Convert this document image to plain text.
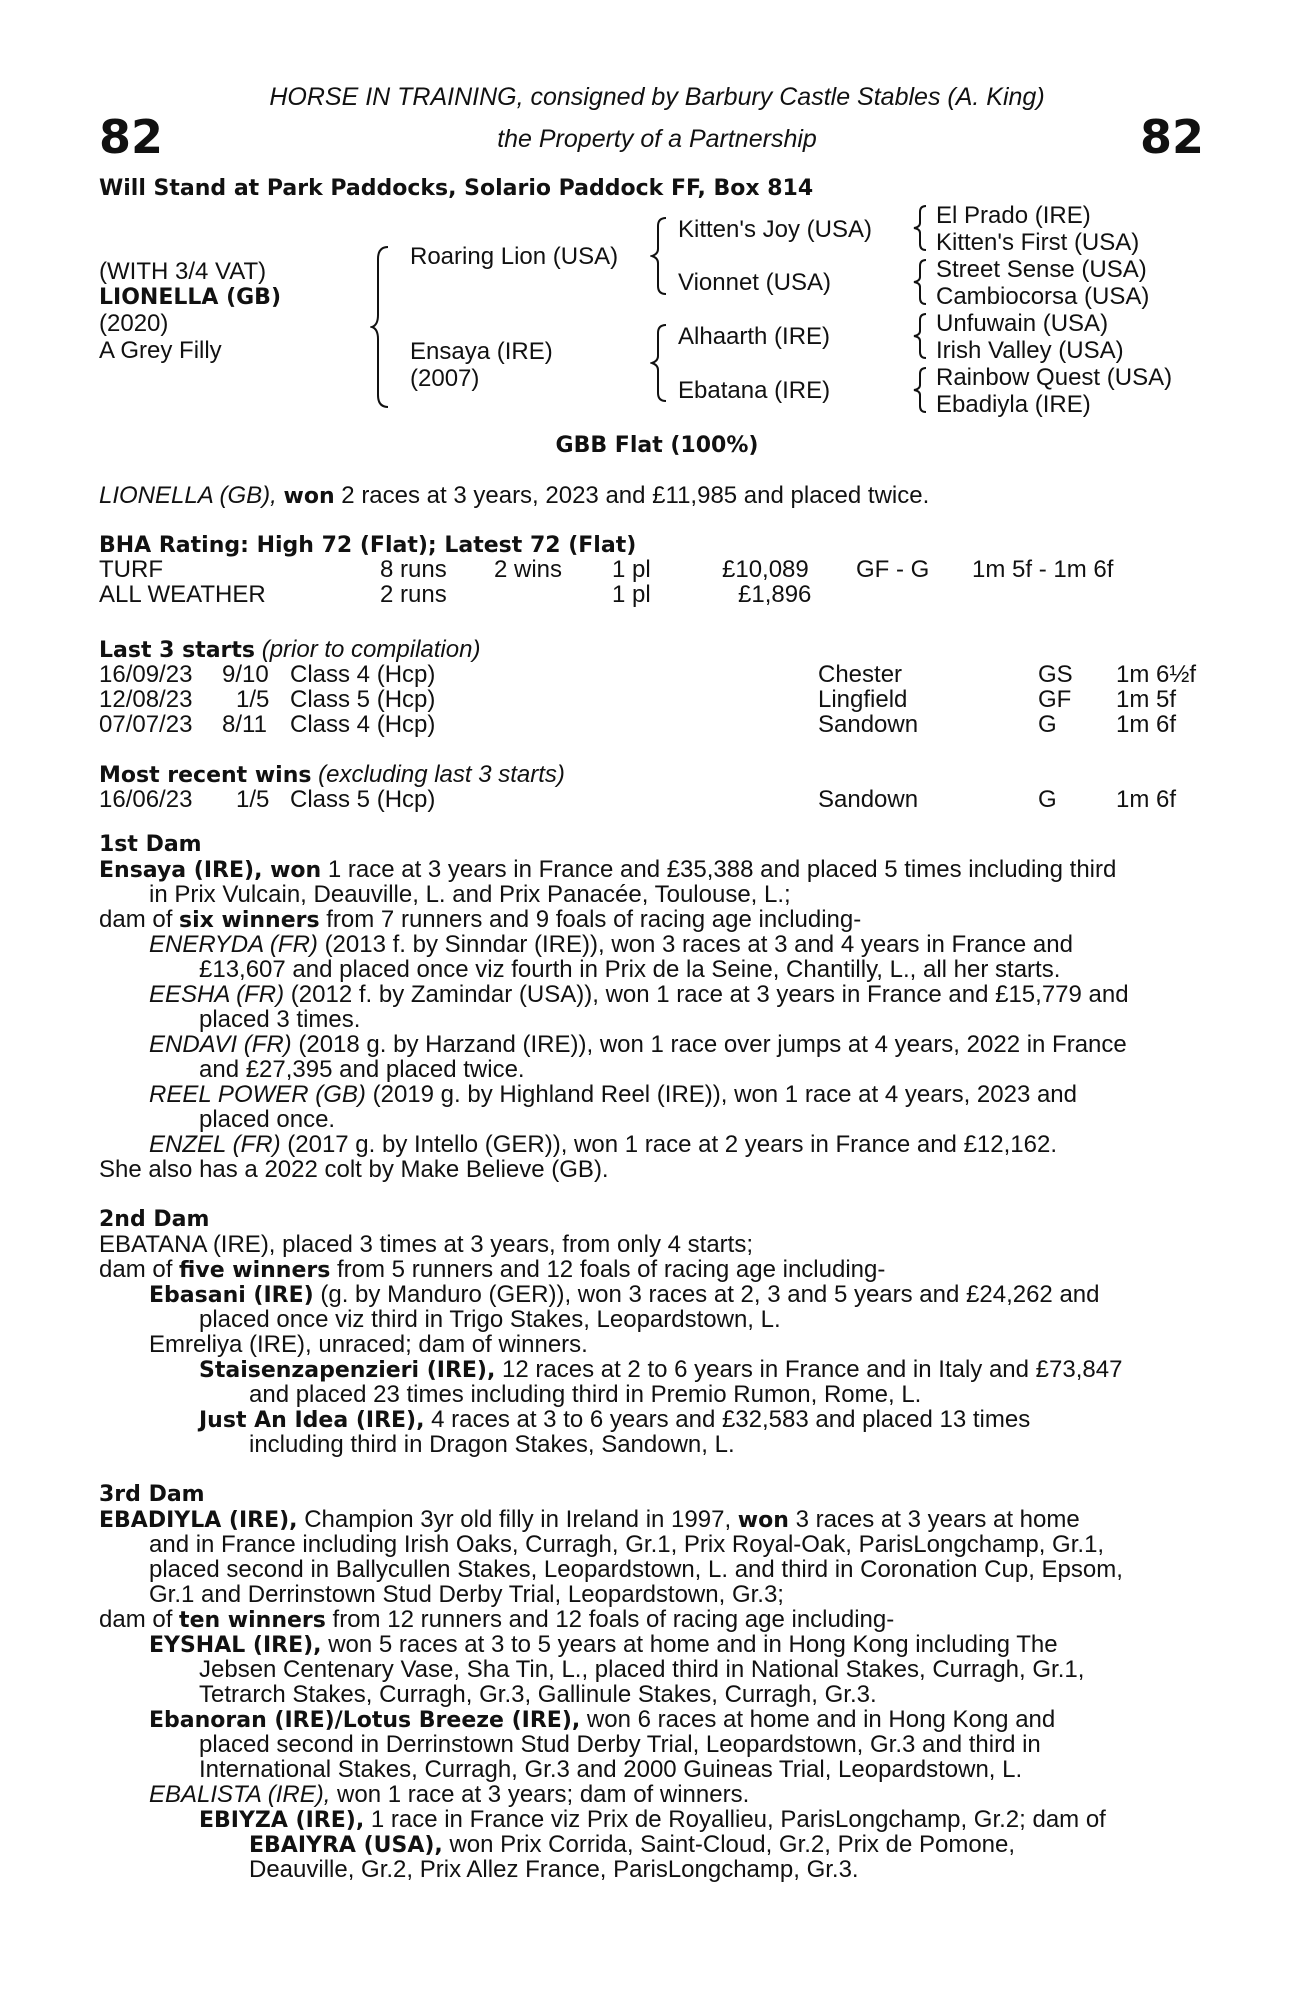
82	82
HORSE IN TRAINING, consigned by Barbury Castle Stables (A. King)
the Property of a Partnership
Will Stand at Park Paddocks, Solario Paddock FF, Box 814
(WITH 3/4 VAT)
LIONELLA (GB)
(2020)
A Grey Filly
Roaring Lion (USA)
Ensaya (IRE)
(2007)
Kitten's Joy (USA)
Vionnet (USA)
Alhaarth (IRE)
Ebatana (IRE)
El Prado (IRE)
Kitten's First (USA)
Street Sense (USA)
Cambiocorsa (USA)
Unfuwain (USA)
Irish Valley (USA)
Rainbow Quest (USA)
Ebadiyla (IRE)
GBB Flat (100%)
LIONELLA (GB), won 2 races at 3 years, 2023 and £11,985 and placed twice.
BHA Rating: High 72 (Flat); Latest 72 (Flat)
TURF	8 runs 2 wins 1 pl	£10,089 GF - G 1m 5f - 1m 6f
ALL WEATHER	2 runs	1 pl	£1,896
Last 3 starts (prior to compilation)
16/09/23 9/10 Class 4 (Hcp)	Chester	GS 1m 6½f
12/08/23 1/5 Class 5 (Hcp)	Lingfield	GF 1m 5f
07/07/23 8/11 Class 4 (Hcp)	Sandown	G 1m 6f
Most recent wins (excluding last 3 starts)
16/06/23 1/5 Class 5 (Hcp)	Sandown	G 1m 6f
1st Dam
Ensaya (IRE), won 1 race at 3 years in France and £35,388 and placed 5 times including third
in Prix Vulcain, Deauville, L. and Prix Panacée, Toulouse, L.;
dam of six winners from 7 runners and 9 foals of racing age including-
ENERYDA (FR) (2013 f. by Sinndar (IRE)), won 3 races at 3 and 4 years in France and
£13,607 and placed once viz fourth in Prix de la Seine, Chantilly, L., all her starts.
EESHA (FR) (2012 f. by Zamindar (USA)), won 1 race at 3 years in France and £15,779 and
placed 3 times.
ENDAVI (FR) (2018 g. by Harzand (IRE)), won 1 race over jumps at 4 years, 2022 in France
and £27,395 and placed twice.
REEL POWER (GB) (2019 g. by Highland Reel (IRE)), won 1 race at 4 years, 2023 and
placed once.
ENZEL (FR) (2017 g. by Intello (GER)), won 1 race at 2 years in France and £12,162.
She also has a 2022 colt by Make Believe (GB).
2nd Dam
EBATANA (IRE), placed 3 times at 3 years, from only 4 starts;
dam of five winners from 5 runners and 12 foals of racing age including-
Ebasani (IRE) (g. by Manduro (GER)), won 3 races at 2, 3 and 5 years and £24,262 and
placed once viz third in Trigo Stakes, Leopardstown, L.
Emreliya (IRE), unraced; dam of winners.
Staisenzapenzieri (IRE), 12 races at 2 to 6 years in France and in Italy and £73,847
and placed 23 times including third in Premio Rumon, Rome, L.
Just An Idea (IRE), 4 races at 3 to 6 years and £32,583 and placed 13 times
including third in Dragon Stakes, Sandown, L.
3rd Dam
EBADIYLA (IRE), Champion 3yr old filly in Ireland in 1997, won 3 races at 3 years at home
and in France including Irish Oaks, Curragh, Gr.1, Prix Royal-Oak, ParisLongchamp, Gr.1,
placed second in Ballycullen Stakes, Leopardstown, L. and third in Coronation Cup, Epsom,
Gr.1 and Derrinstown Stud Derby Trial, Leopardstown, Gr.3;
dam of ten winners from 12 runners and 12 foals of racing age including-
EYSHAL (IRE), won 5 races at 3 to 5 years at home and in Hong Kong including The
Jebsen Centenary Vase, Sha Tin, L., placed third in National Stakes, Curragh, Gr.1,
Tetrarch Stakes, Curragh, Gr.3, Gallinule Stakes, Curragh, Gr.3.
Ebanoran (IRE)/Lotus Breeze (IRE), won 6 races at home and in Hong Kong and
placed second in Derrinstown Stud Derby Trial, Leopardstown, Gr.3 and third in
International Stakes, Curragh, Gr.3 and 2000 Guineas Trial, Leopardstown, L.
EBALISTA (IRE), won 1 race at 3 years; dam of winners.
EBIYZA (IRE), 1 race in France viz Prix de Royallieu, ParisLongchamp, Gr.2; dam of
EBAIYRA (USA), won Prix Corrida, Saint-Cloud, Gr.2, Prix de Pomone,
Deauville, Gr.2, Prix Allez France, ParisLongchamp, Gr.3.
